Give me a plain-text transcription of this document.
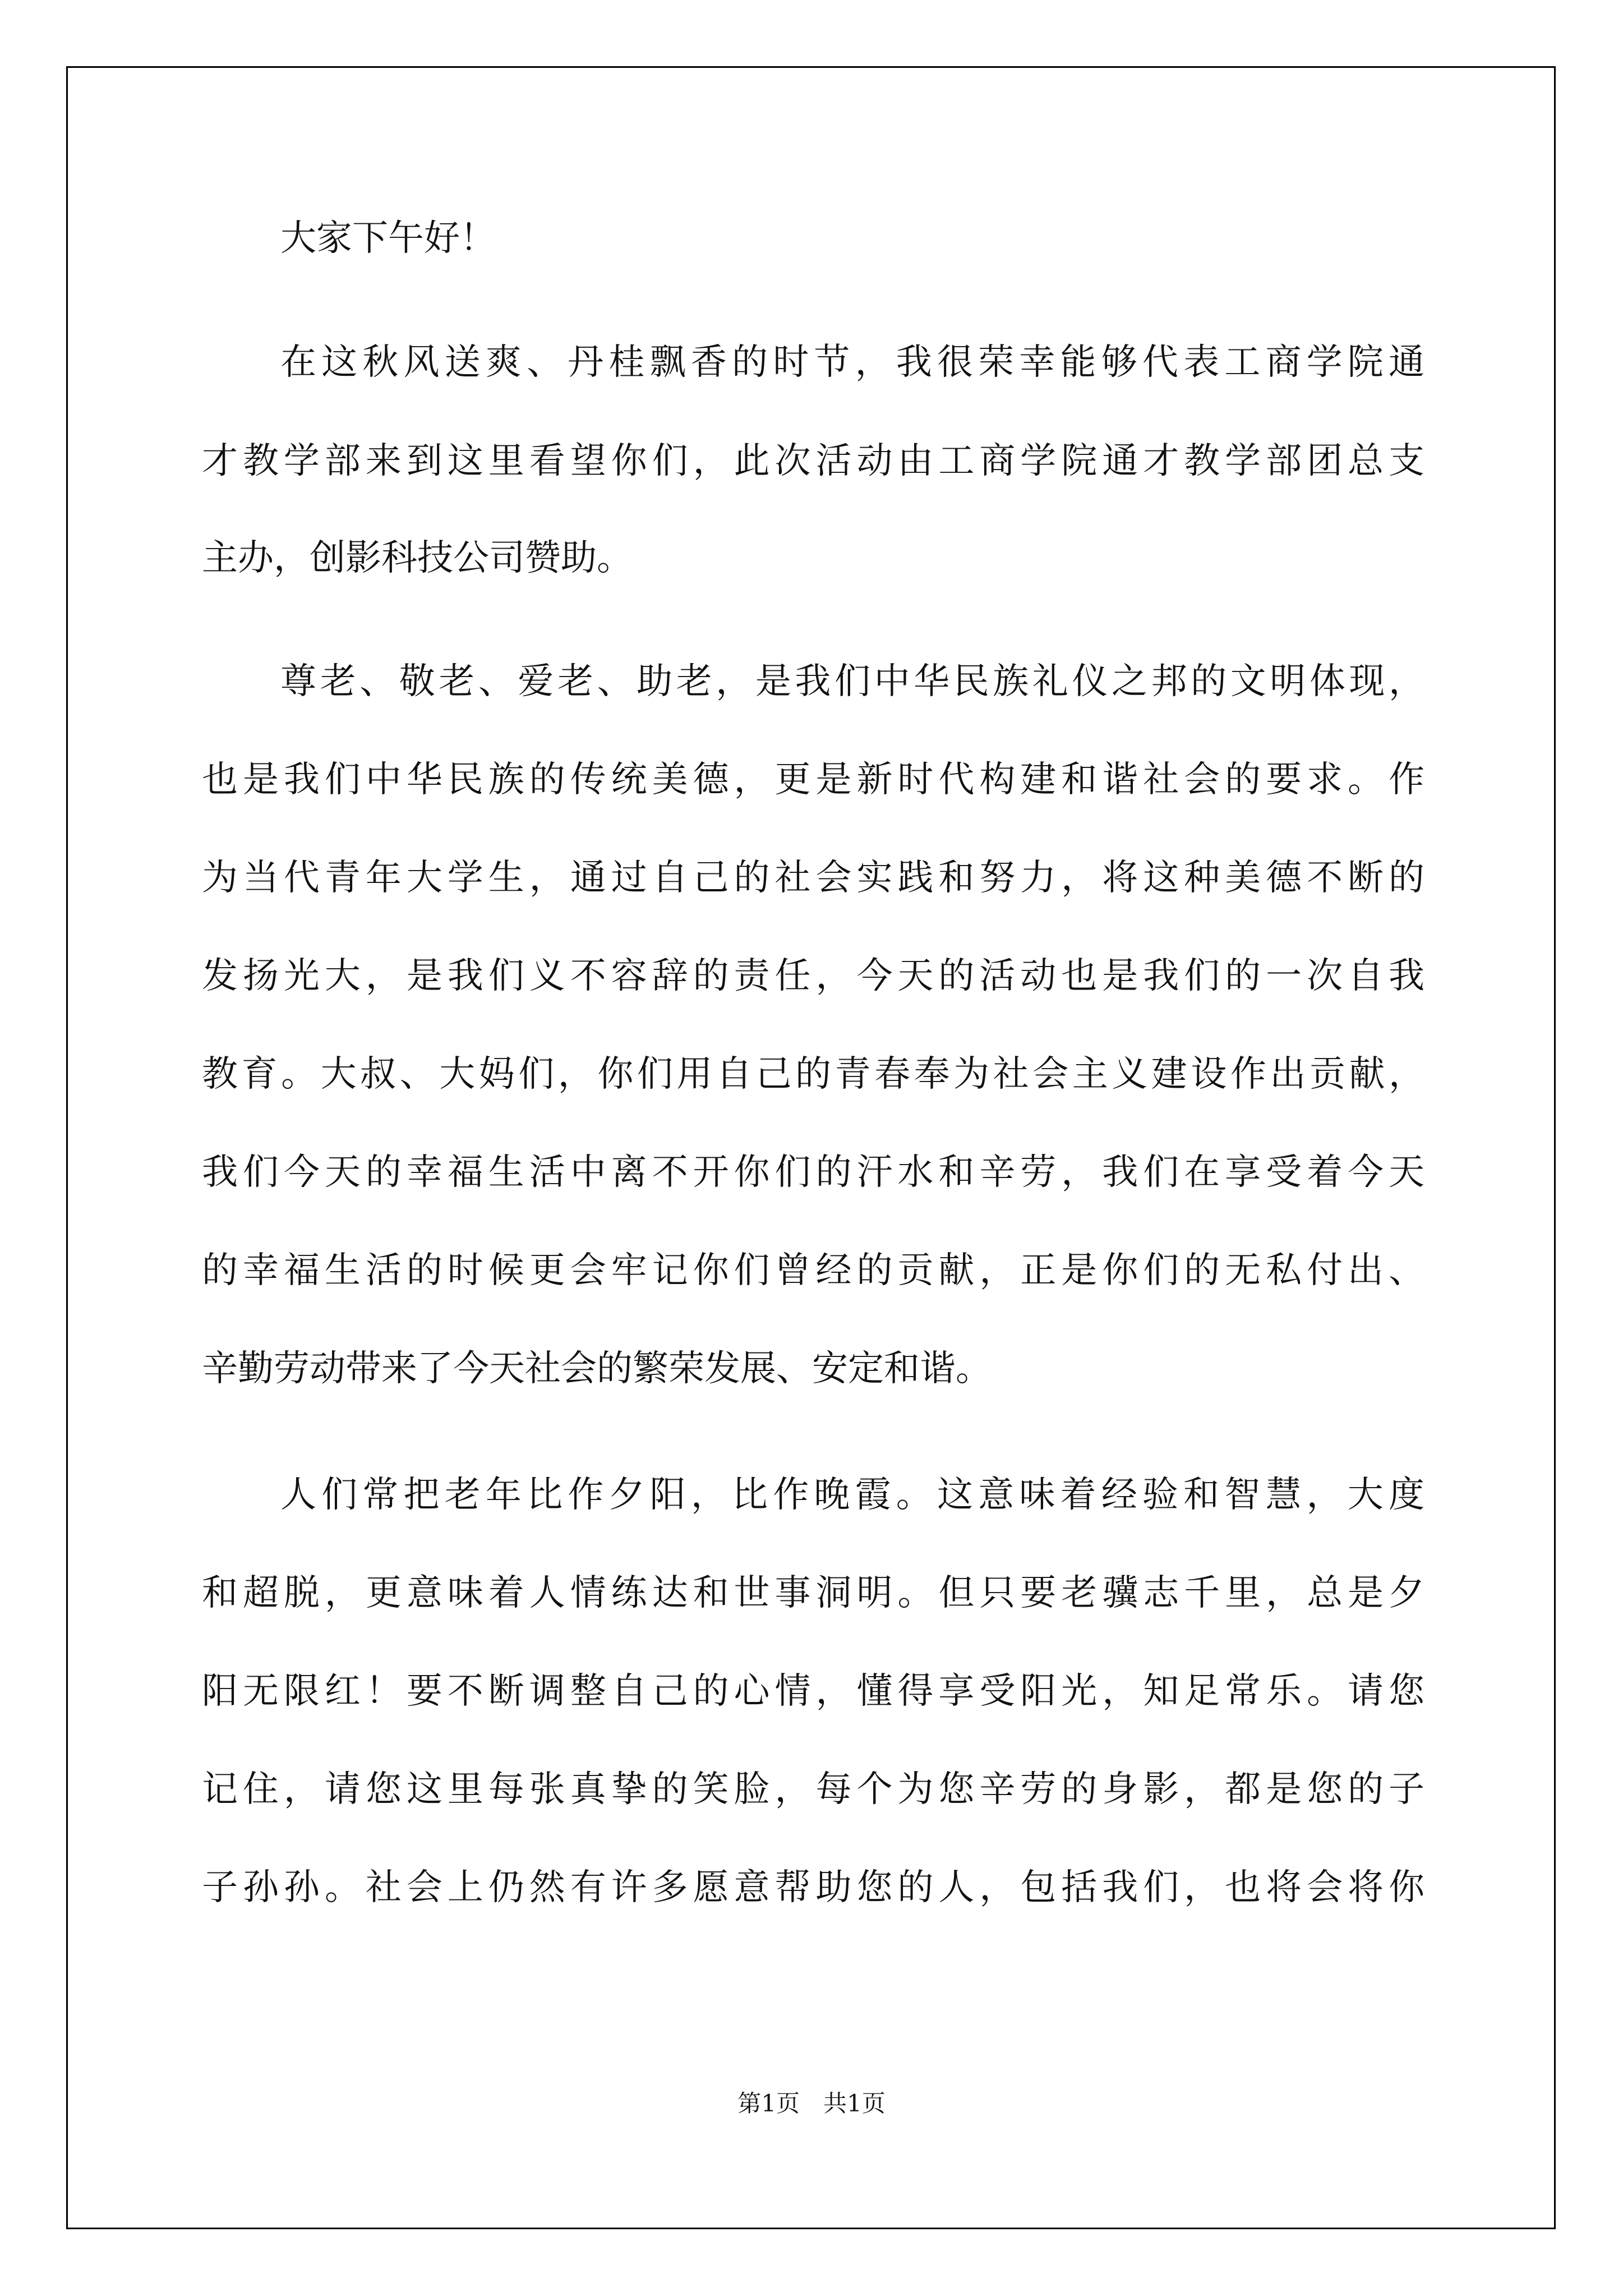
大家下午好！
在这秋风送爽、丹桂飘香的时节，我很荣幸能够代表工商学院通
才教学部来到这里看望你们，此次活动由工商学院通才教学部团总支
主办，创影科技公司赞助。
尊老、敬老、爱老、助老，是我们中华民族礼仪之邦的文明体现，
也是我们中华民族的传统美德，更是新时代构建和谐社会的要求。作
为当代青年大学生，通过自己的社会实践和努力，将这种美德不断的
发扬光大，是我们义不容辞的责任，今天的活动也是我们的一次自我
教育。大叔、大妈们，你们用自己的青春奉为社会主义建设作出贡献，
我们今天的幸福生活中离不开你们的汗水和辛劳，我们在享受着今天
的幸福生活的时候更会牢记你们曾经的贡献，正是你们的无私付出、
辛勤劳动带来了今天社会的繁荣发展、安定和谐。
人们常把老年比作夕阳，比作晚霞。这意味着经验和智慧，大度
和超脱，更意味着人情练达和世事洞明。但只要老骥志千里，总是夕
阳无限红！要不断调整自己的心情，懂得享受阳光，知足常乐。请您
记住，请您这里每张真挚的笑脸，每个为您辛劳的身影，都是您的子
子孙孙。社会上仍然有许多愿意帮助您的人，包括我们，也将会将你
第1页　共1页
